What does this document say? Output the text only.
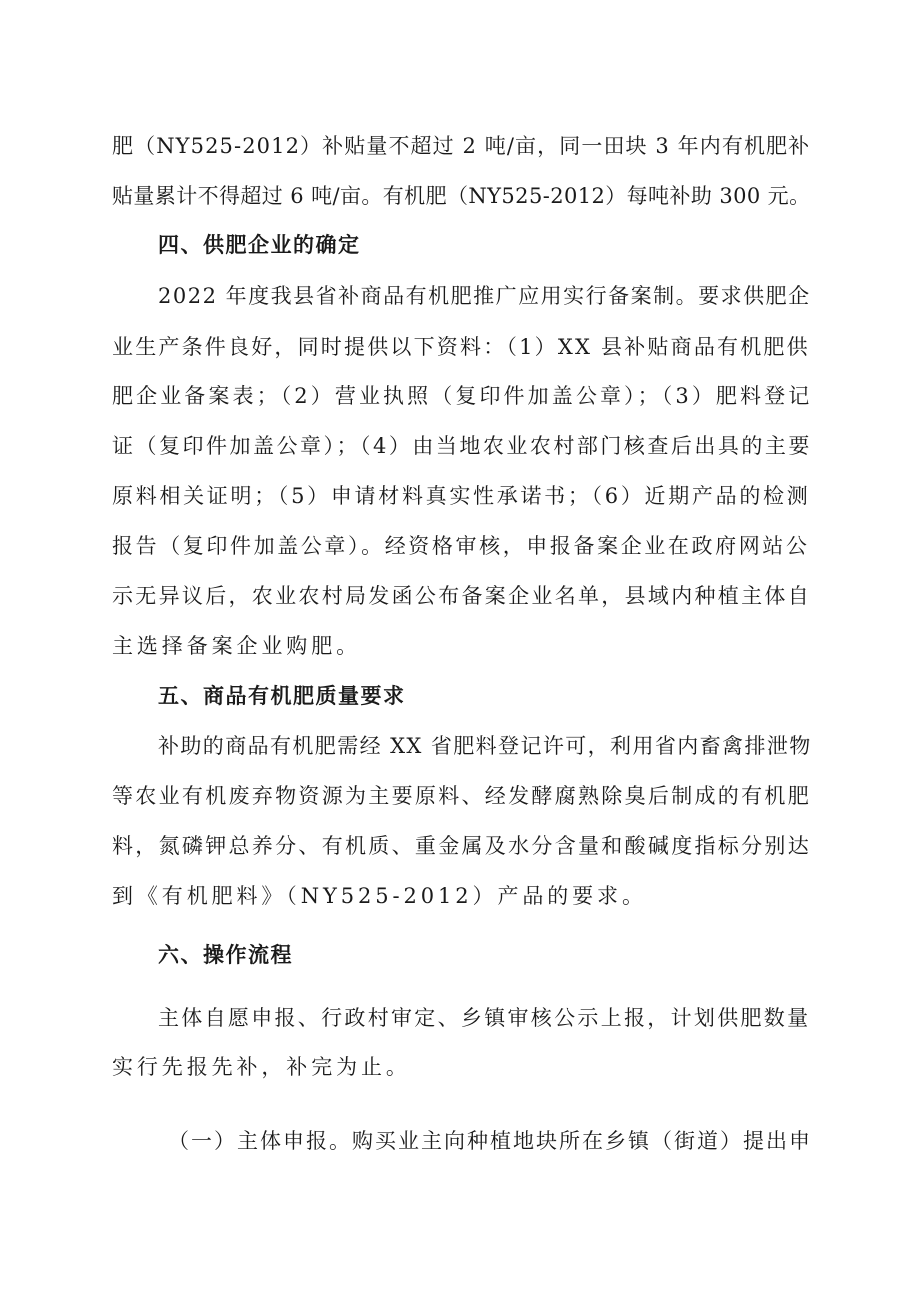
肥（NY525-2012）补贴量不超过 2 吨/亩，同一田块 3 年内有机肥补
贴量累计不得超过 6 吨/亩。有机肥（NY525-2012）每吨补助 300 元。
四、供肥企业的确定
2022 年度我县省补商品有机肥推广应用实行备案制。要求供肥企
业生产条件良好，同时提供以下资料：（1）XX 县补贴商品有机肥供
肥企业备案表；（2）营业执照（复印件加盖公章）；（3）肥料登记
证（复印件加盖公章）；（4）由当地农业农村部门核查后出具的主要
原料相关证明；（5）申请材料真实性承诺书；（6）近期产品的检测
报告（复印件加盖公章）。经资格审核，申报备案企业在政府网站公
示无异议后，农业农村局发函公布备案企业名单，县域内种植主体自
主选择备案企业购肥。
五、商品有机肥质量要求
补助的商品有机肥需经 XX 省肥料登记许可，利用省内畜禽排泄物
等农业有机废弃物资源为主要原料、经发酵腐熟除臭后制成的有机肥
料，氮磷钾总养分、有机质、重金属及水分含量和酸碱度指标分别达
到《有机肥料》（NY525-2012）产品的要求。
六、操作流程
主体自愿申报、行政村审定、乡镇审核公示上报，计划供肥数量
实行先报先补，补完为止。
（一）主体申报。购买业主向种植地块所在乡镇（街道）提出申
